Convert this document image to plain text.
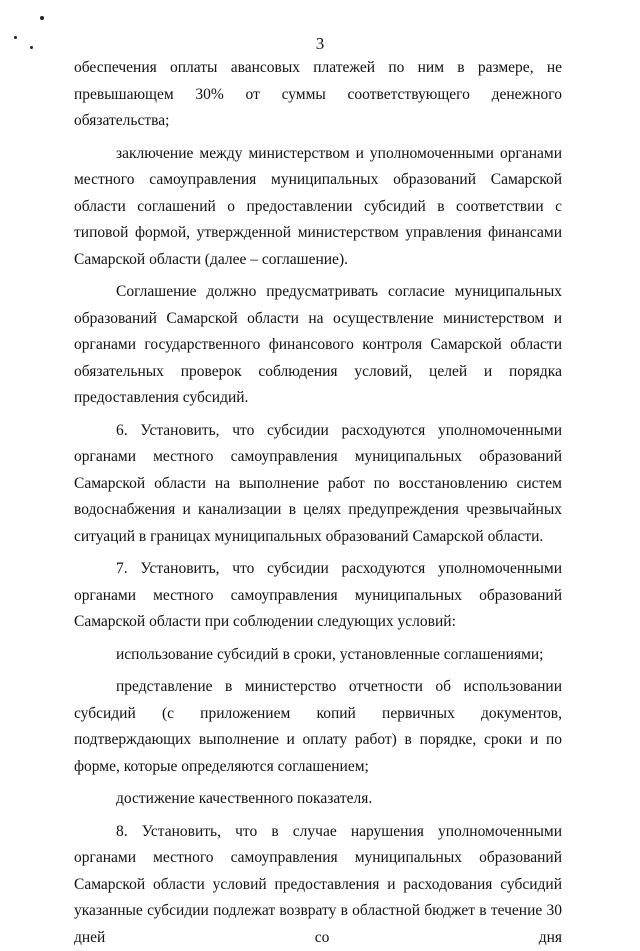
3

обеспечения оплаты авансовых платежей по ним в размере, не превышающем 30% от суммы соответствующего денежного обязательства;

заключение между министерством и уполномоченными органами местного самоуправления муниципальных образований Самарской области соглашений о предоставлении субсидий в соответствии с типовой формой, утвержденной министерством управления финансами Самарской области (далее – соглашение).

Соглашение должно предусматривать согласие муниципальных образований Самарской области на осуществление министерством и органами государственного финансового контроля Самарской области обязательных проверок соблюдения условий, целей и порядка предоставления субсидий.

6. Установить, что субсидии расходуются уполномоченными органами местного самоуправления муниципальных образований Самарской области на выполнение работ по восстановлению систем водоснабжения и канализации в целях предупреждения чрезвычайных ситуаций в границах муниципальных образований Самарской области.

7. Установить, что субсидии расходуются уполномоченными органами местного самоуправления муниципальных образований Самарской области при соблюдении следующих условий:

использование субсидий в сроки, установленные соглашениями;

представление в министерство отчетности об использовании субсидий (с приложением копий первичных документов, подтверждающих выполнение и оплату работ) в порядке, сроки и по форме, которые определяются соглашением;

достижение качественного показателя.

8. Установить, что в случае нарушения уполномоченными органами местного самоуправления муниципальных образований Самарской области условий предоставления и расходования субсидий указанные субсидии подлежат возврату в областной бюджет в течение 30 дней со дня
